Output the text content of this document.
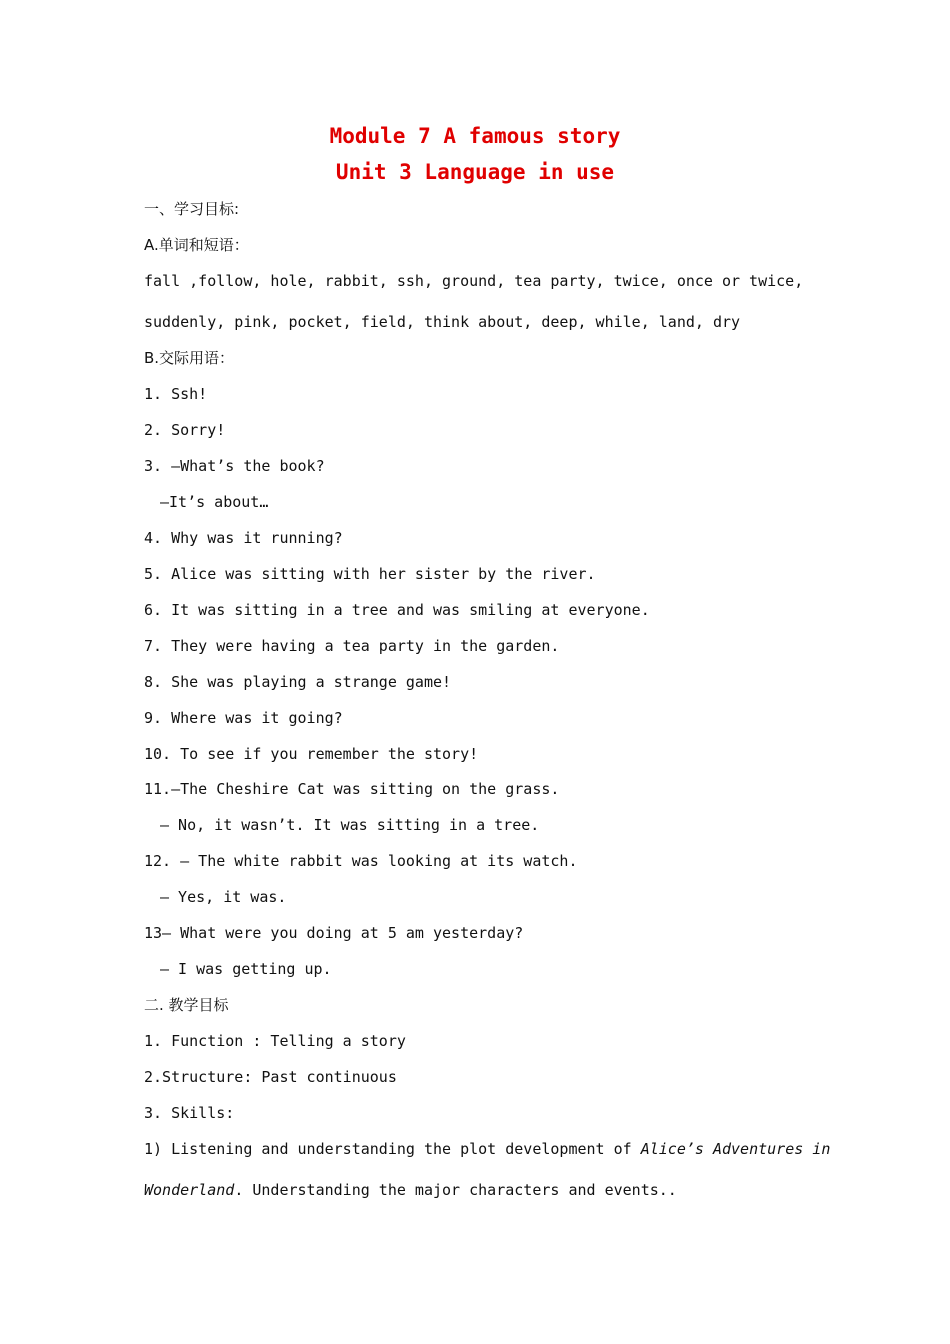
Module 7 A famous story
Unit 3 Language in use
一、学习目标:
A.单词和短语：
fall ,follow, hole, rabbit, ssh, ground, tea party, twice, once or twice,
suddenly, pink, pocket, field, think about, deep, while, land, dry
B.交际用语：
1. Ssh!
2. Sorry!
3. —What’s the book?
—It’s about…
4. Why was it running?
5. Alice was sitting with her sister by the river.
6. It was sitting in a tree and was smiling at everyone.
7. They were having a tea party in the garden.
8. She was playing a strange game!
9. Where was it going?
10. To see if you remember the story!
11.—The Cheshire Cat was sitting on the grass.
— No, it wasn’t. It was sitting in a tree.
12. — The white rabbit was looking at its watch.
— Yes, it was.
13— What were you doing at 5 am yesterday?
— I was getting up.
二. 教学目标
1. Function : Telling a story
2.Structure: Past continuous
3. Skills:
1) Listening and understanding the plot development of Alice’s Adventures in
Wonderland. Understanding the major characters and events..
